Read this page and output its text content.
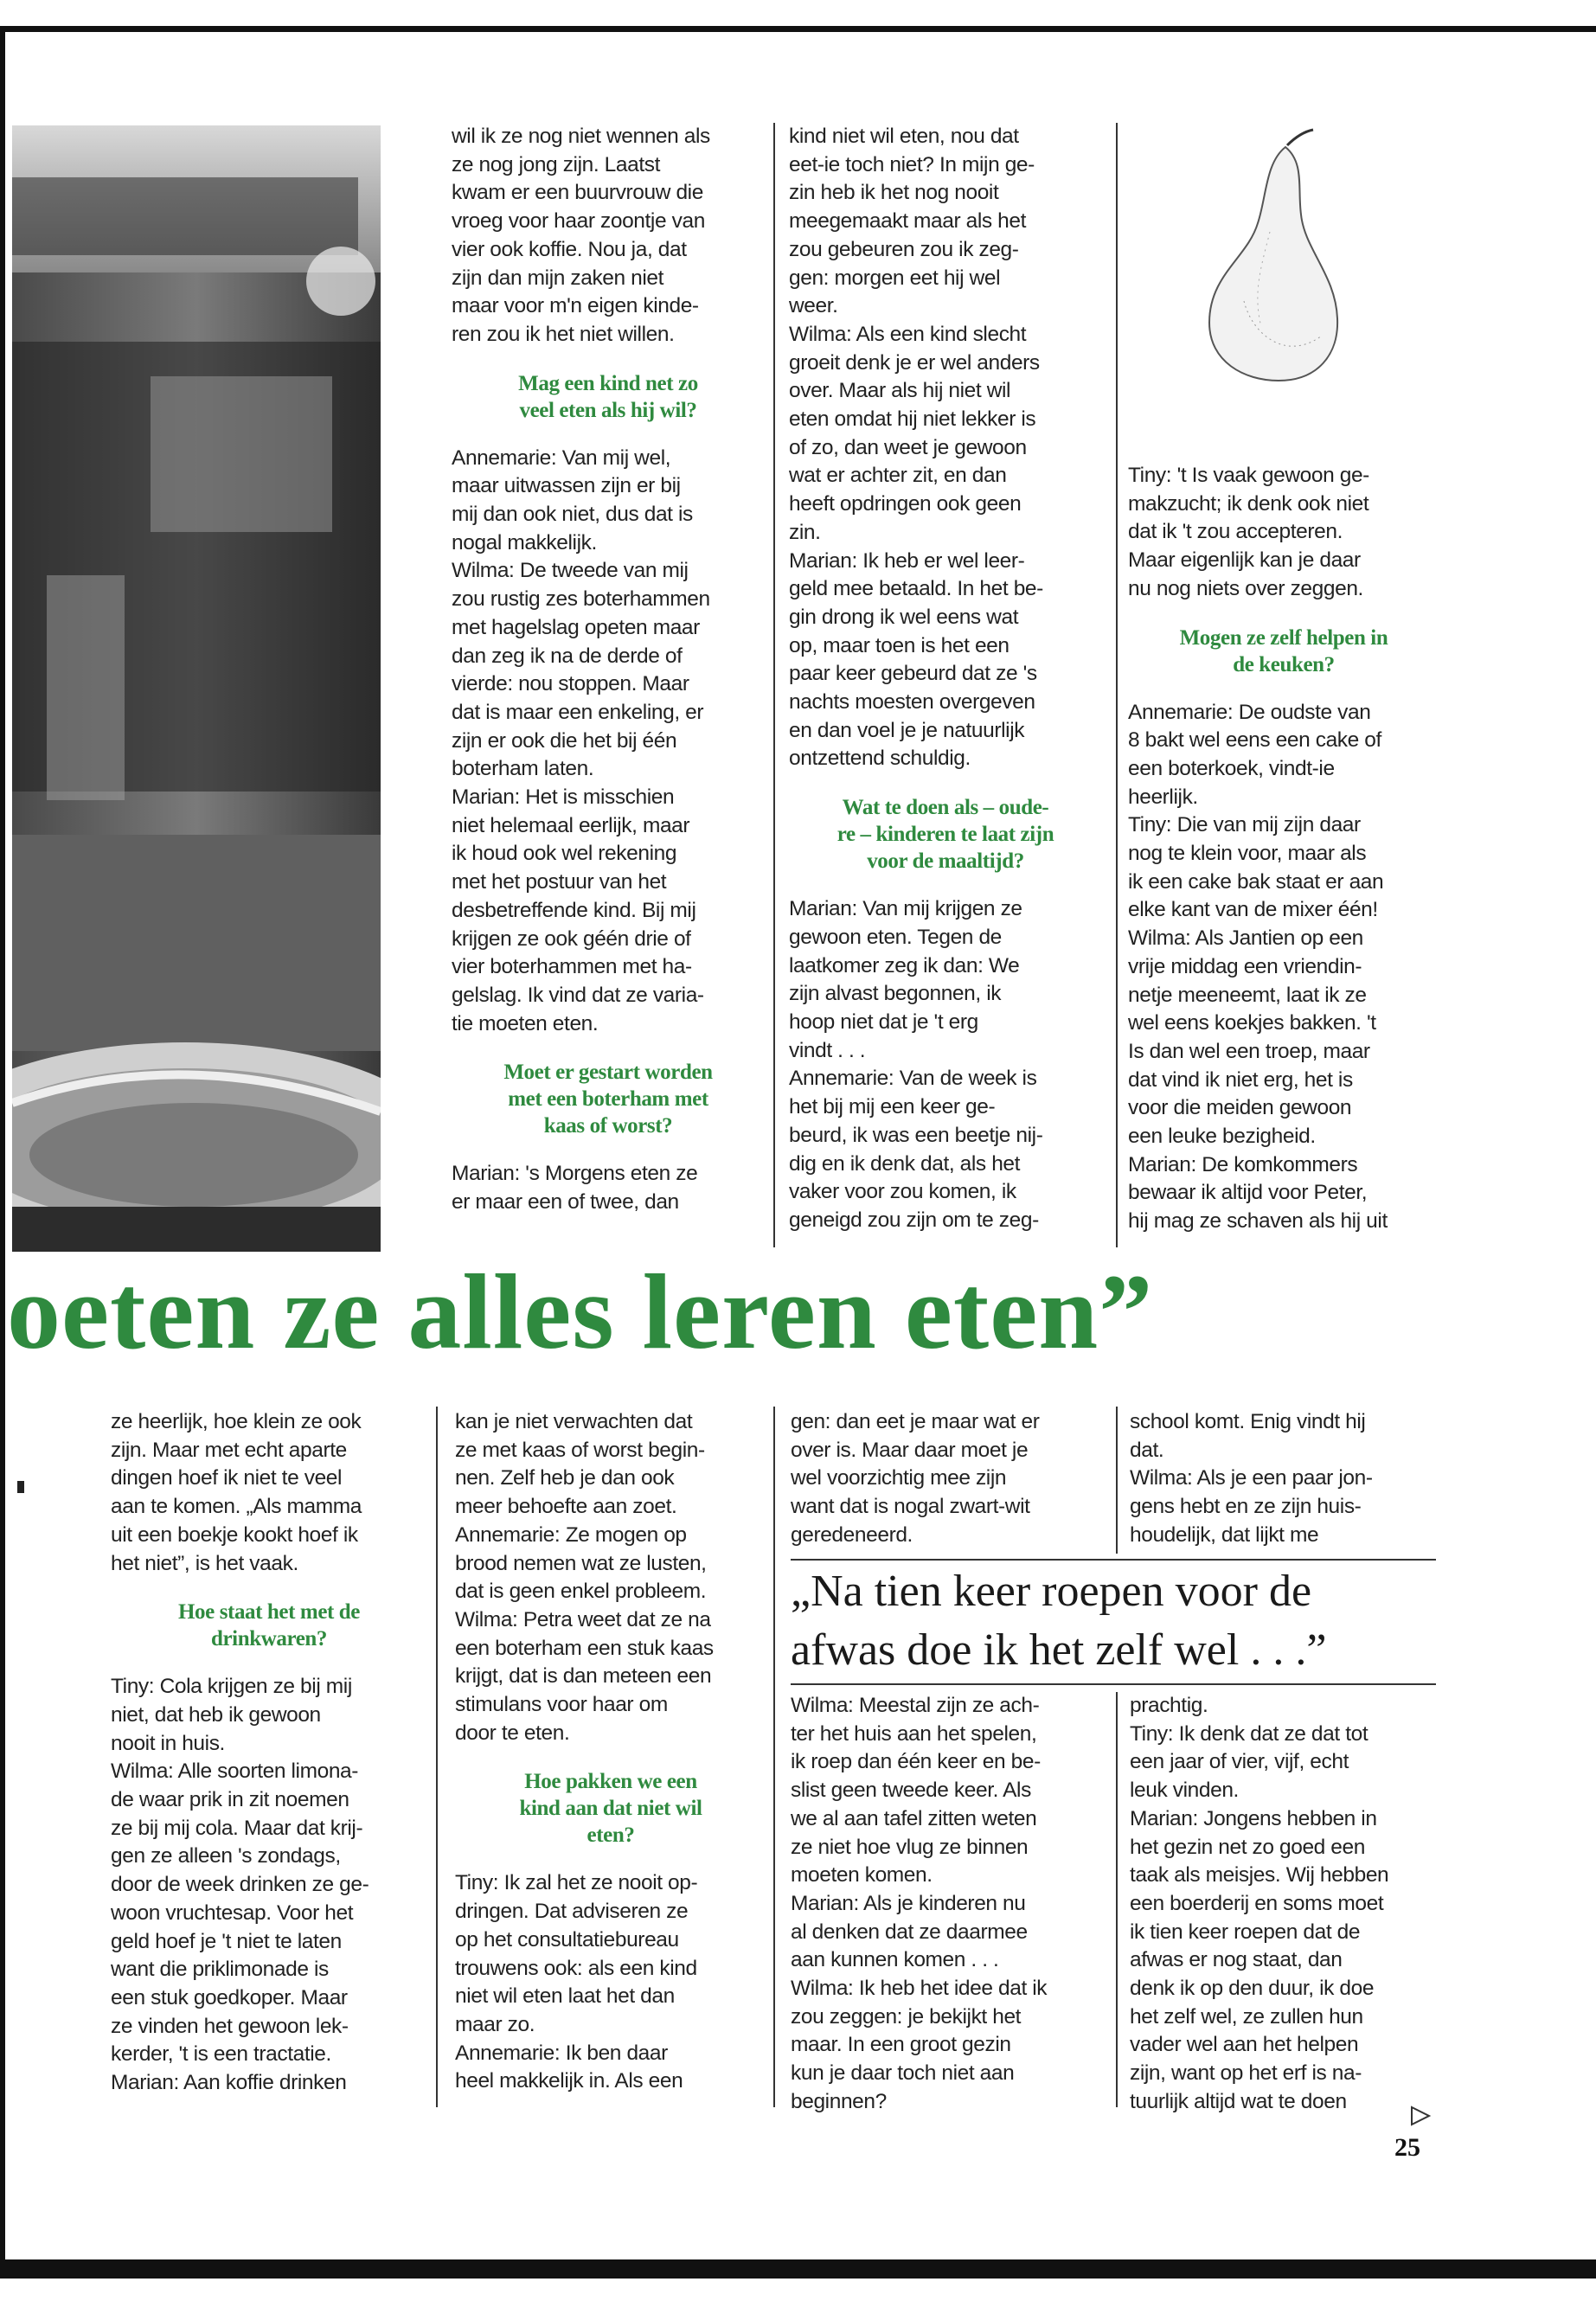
wil ik ze nog niet wennen als
ze nog jong zijn. Laatst
kwam er een buurvrouw die
vroeg voor haar zoontje van
vier ook koffie. Nou ja, dat
zijn dan mijn zaken niet
maar voor m'n eigen kinde-
ren zou ik het niet willen.

Mag een kind net zo
veel eten als hij wil?

Annemarie: Van mij wel,
maar uitwassen zijn er bij
mij dan ook niet, dus dat is
nogal makkelijk.
Wilma: De tweede van mij
zou rustig zes boterhammen
met hagelslag opeten maar
dan zeg ik na de derde of
vierde: nou stoppen. Maar
dat is maar een enkeling, er
zijn er ook die het bij één
boterham laten.
Marian: Het is misschien
niet helemaal eerlijk, maar
ik houd ook wel rekening
met het postuur van het
desbetreffende kind. Bij mij
krijgen ze ook géén drie of
vier boterhammen met ha-
gelslag. Ik vind dat ze varia-
tie moeten eten.

Moet er gestart worden
met een boterham met
kaas of worst?

Marian: 's Morgens eten ze
er maar een of twee, dan

kind niet wil eten, nou dat
eet-ie toch niet? In mijn ge-
zin heb ik het nog nooit
meegemaakt maar als het
zou gebeuren zou ik zeg-
gen: morgen eet hij wel
weer.
Wilma: Als een kind slecht
groeit denk je er wel anders
over. Maar als hij niet wil
eten omdat hij niet lekker is
of zo, dan weet je gewoon
wat er achter zit, en dan
heeft opdringen ook geen
zin.
Marian: Ik heb er wel leer-
geld mee betaald. In het be-
gin drong ik wel eens wat
op, maar toen is het een
paar keer gebeurd dat ze 's
nachts moesten overgeven
en dan voel je je natuurlijk
ontzettend schuldig.

Wat te doen als – oude-
re – kinderen te laat zijn
voor de maaltijd?

Marian: Van mij krijgen ze
gewoon eten. Tegen de
laatkomer zeg ik dan: We
zijn alvast begonnen, ik
hoop niet dat je 't erg
vindt . . .
Annemarie: Van de week is
het bij mij een keer ge-
beurd, ik was een beetje nij-
dig en ik denk dat, als het
vaker voor zou komen, ik
geneigd zou zijn om te zeg-

Tiny: 't Is vaak gewoon ge-
makzucht; ik denk ook niet
dat ik 't zou accepteren.
Maar eigenlijk kan je daar
nu nog niets over zeggen.

Mogen ze zelf helpen in
de keuken?

Annemarie: De oudste van
8 bakt wel eens een cake of
een boterkoek, vindt-ie
heerlijk.
Tiny: Die van mij zijn daar
nog te klein voor, maar als
ik een cake bak staat er aan
elke kant van de mixer één!
Wilma: Als Jantien op een
vrije middag een vriendin-
netje meeneemt, laat ik ze
wel eens koekjes bakken. 't
Is dan wel een troep, maar
dat vind ik niet erg, het is
voor die meiden gewoon
een leuke bezigheid.
Marian: De komkommers
bewaar ik altijd voor Peter,
hij mag ze schaven als hij uit

oeten ze alles leren eten”

ze heerlijk, hoe klein ze ook
zijn. Maar met echt aparte
dingen hoef ik niet te veel
aan te komen. „Als mamma
uit een boekje kookt hoef ik
het niet”, is het vaak.

Hoe staat het met de
drinkwaren?

Tiny: Cola krijgen ze bij mij
niet, dat heb ik gewoon
nooit in huis.
Wilma: Alle soorten limona-
de waar prik in zit noemen
ze bij mij cola. Maar dat krij-
gen ze alleen 's zondags,
door de week drinken ze ge-
woon vruchtesap. Voor het
geld hoef je 't niet te laten
want die priklimonade is
een stuk goedkoper. Maar
ze vinden het gewoon lek-
kerder, 't is een tractatie.
Marian: Aan koffie drinken

kan je niet verwachten dat
ze met kaas of worst begin-
nen. Zelf heb je dan ook
meer behoefte aan zoet.
Annemarie: Ze mogen op
brood nemen wat ze lusten,
dat is geen enkel probleem.
Wilma: Petra weet dat ze na
een boterham een stuk kaas
krijgt, dat is dan meteen een
stimulans voor haar om
door te eten.

Hoe pakken we een
kind aan dat niet wil
eten?

Tiny: Ik zal het ze nooit op-
dringen. Dat adviseren ze
op het consultatiebureau
trouwens ook: als een kind
niet wil eten laat het dan
maar zo.
Annemarie: Ik ben daar
heel makkelijk in. Als een

gen: dan eet je maar wat er
over is. Maar daar moet je
wel voorzichtig mee zijn
want dat is nogal zwart-wit
geredeneerd.

school komt. Enig vindt hij
dat.
Wilma: Als je een paar jon-
gens hebt en ze zijn huis-
houdelijk, dat lijkt me

„Na tien keer roepen voor de
afwas doe ik het zelf wel . . .”

Wilma: Meestal zijn ze ach-
ter het huis aan het spelen,
ik roep dan één keer en be-
slist geen tweede keer. Als
we al aan tafel zitten weten
ze niet hoe vlug ze binnen
moeten komen.
Marian: Als je kinderen nu
al denken dat ze daarmee
aan kunnen komen . . .
Wilma: Ik heb het idee dat ik
zou zeggen: je bekijkt het
maar. In een groot gezin
kun je daar toch niet aan
beginnen?

prachtig.
Tiny: Ik denk dat ze dat tot
een jaar of vier, vijf, echt
leuk vinden.
Marian: Jongens hebben in
het gezin net zo goed een
taak als meisjes. Wij hebben
een boerderij en soms moet
ik tien keer roepen dat de
afwas er nog staat, dan
denk ik op den duur, ik doe
het zelf wel, ze zullen hun
vader wel aan het helpen
zijn, want op het erf is na-
tuurlijk altijd wat te doen

25
